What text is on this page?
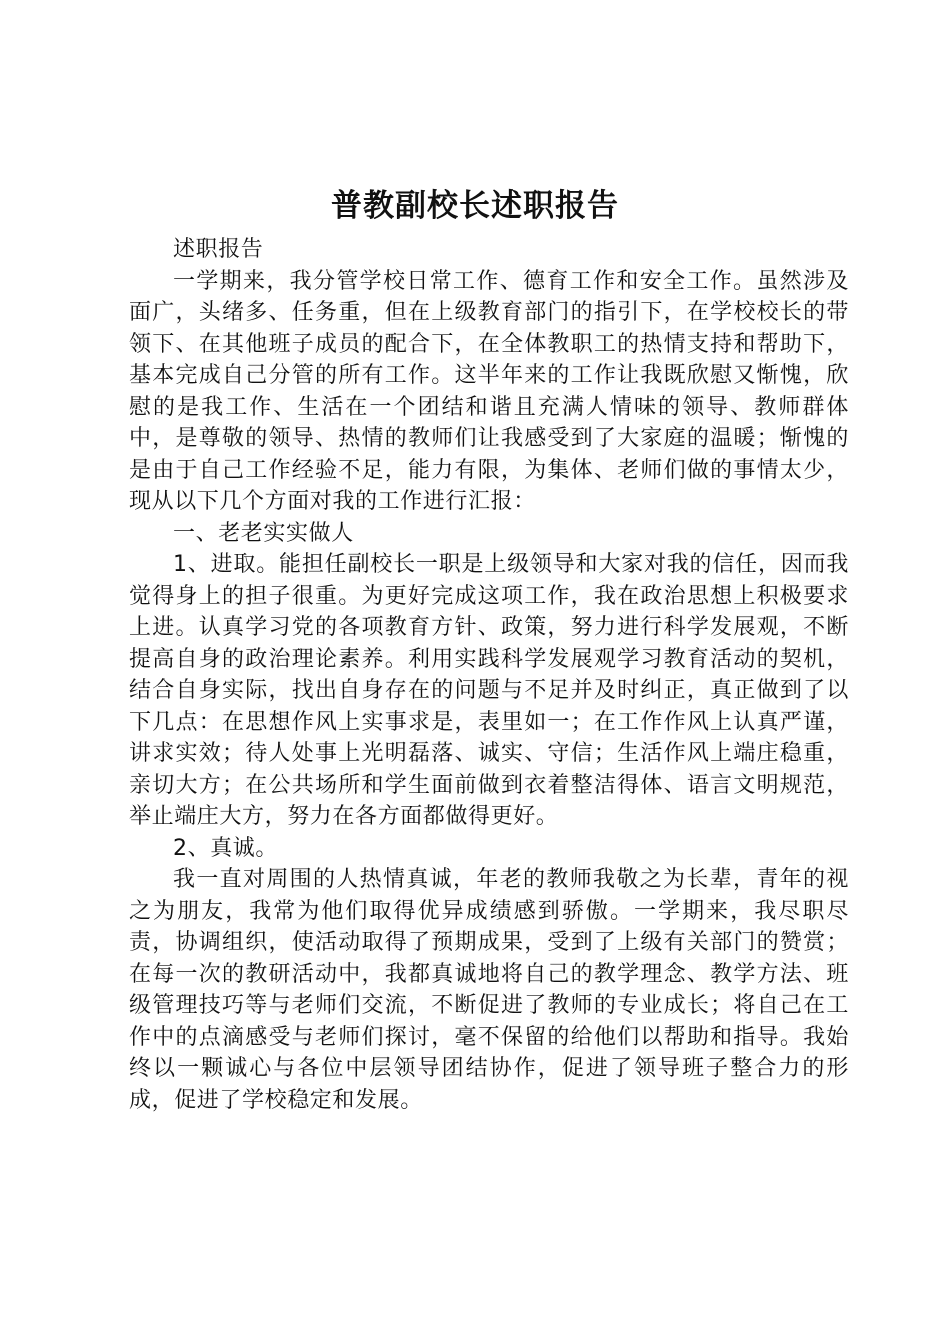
普教副校长述职报告

述职报告

一学期来，我分管学校日常工作、德育工作和安全工作。虽然涉及面广，头绪多、任务重，但在上级教育部门的指引下，在学校校长的带领下、在其他班子成员的配合下，在全体教职工的热情支持和帮助下，基本完成自己分管的所有工作。这半年来的工作让我既欣慰又惭愧，欣慰的是我工作、生活在一个团结和谐且充满人情味的领导、教师群体中，是尊敬的领导、热情的教师们让我感受到了大家庭的温暖；惭愧的是由于自己工作经验不足，能力有限，为集体、老师们做的事情太少，现从以下几个方面对我的工作进行汇报：

一、老老实实做人

1、进取。能担任副校长一职是上级领导和大家对我的信任，因而我觉得身上的担子很重。为更好完成这项工作，我在政治思想上积极要求上进。认真学习党的各项教育方针、政策，努力进行科学发展观，不断提高自身的政治理论素养。利用实践科学发展观学习教育活动的契机，结合自身实际，找出自身存在的问题与不足并及时纠正，真正做到了以下几点：在思想作风上实事求是，表里如一；在工作作风上认真严谨，讲求实效；待人处事上光明磊落、诚实、守信；生活作风上端庄稳重，亲切大方；在公共场所和学生面前做到衣着整洁得体、语言文明规范，举止端庄大方，努力在各方面都做得更好。

2、真诚。

我一直对周围的人热情真诚，年老的教师我敬之为长辈，青年的视之为朋友，我常为他们取得优异成绩感到骄傲。一学期来，我尽职尽责，协调组织，使活动取得了预期成果，受到了上级有关部门的赞赏；在每一次的教研活动中，我都真诚地将自己的教学理念、教学方法、班级管理技巧等与老师们交流，不断促进了教师的专业成长；将自己在工作中的点滴感受与老师们探讨，毫不保留的给他们以帮助和指导。我始终以一颗诚心与各位中层领导团结协作，促进了领导班子整合力的形成，促进了学校稳定和发展。
